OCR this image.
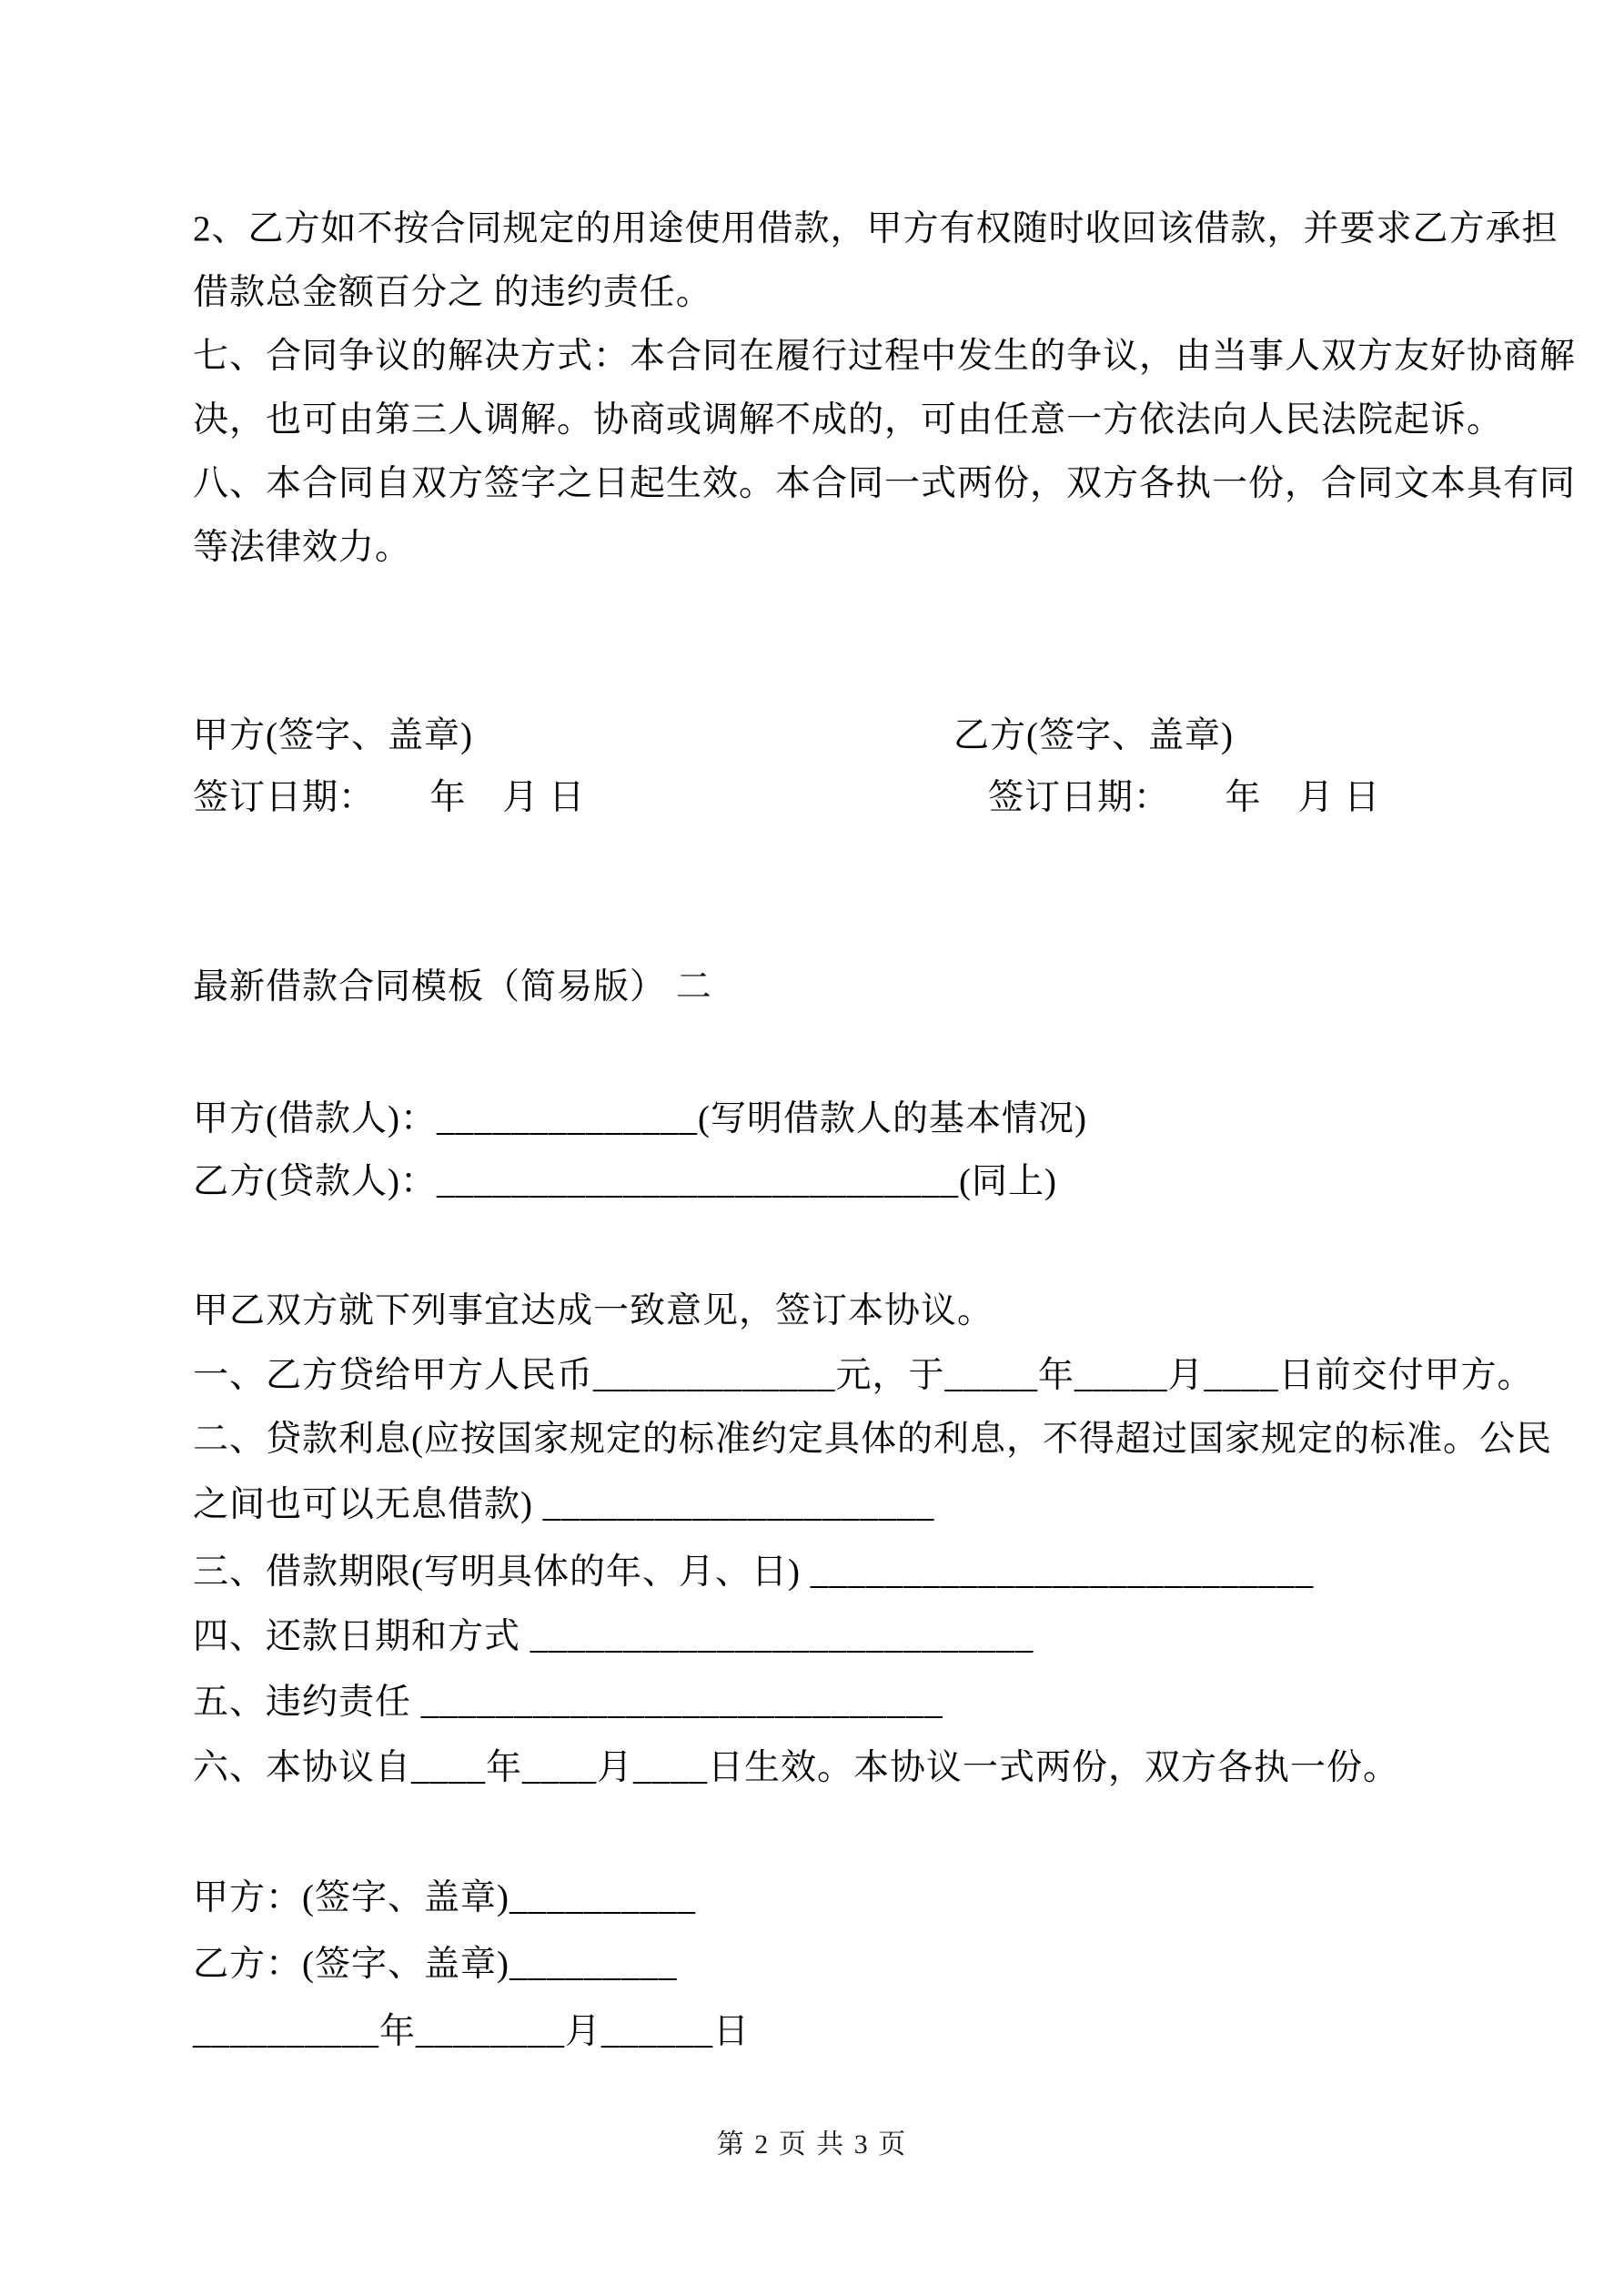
2、乙方如不按合同规定的用途使用借款，甲方有权随时收回该借款，并要求乙方承担
借款总金额百分之 的违约责任。
七、合同争议的解决方式：本合同在履行过程中发生的争议，由当事人双方友好协商解
决，也可由第三人调解。协商或调解不成的，可由任意一方依法向人民法院起诉。
八、本合同自双方签字之日起生效。本合同一式两份，双方各执一份，合同文本具有同
等法律效力。
甲方(签字、盖章)	乙方(签字、盖章)
签订日期：　　年　月 日	签订日期：　　年　月 日
最新借款合同模板（简易版） 二
甲方(借款人)：______________(写明借款人的基本情况)
乙方(贷款人)：____________________________(同上)
甲乙双方就下列事宜达成一致意见，签订本协议。
一、乙方贷给甲方人民币_____________元，于_____年_____月____日前交付甲方。
二、贷款利息(应按国家规定的标准约定具体的利息，不得超过国家规定的标准。公民
之间也可以无息借款) _____________________
三、借款期限(写明具体的年、月、日) ___________________________
四、还款日期和方式 ___________________________
五、违约责任 ____________________________
六、本协议自____年____月____日生效。本协议一式两份，双方各执一份。
甲方：(签字、盖章)__________
乙方：(签字、盖章)_________
__________年________月______日
第 2 页 共 3 页
